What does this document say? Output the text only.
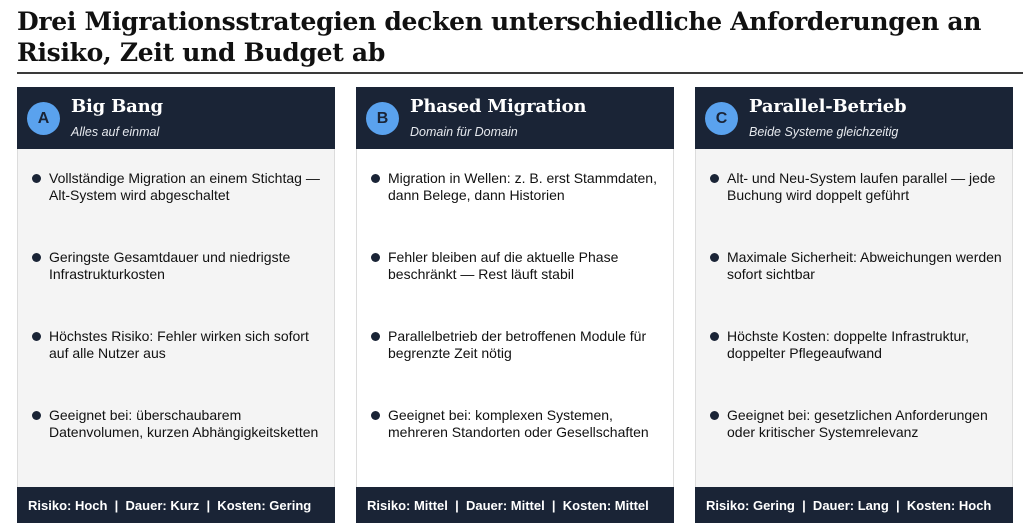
Drei Migrationsstrategien decken unterschiedliche Anforderungen an Risiko, Zeit und Budget ab
A
Big Bang
Alles auf einmal
Vollständige Migration an einem Stichtag — Alt-System wird abgeschaltet
Geringste Gesamtdauer und niedrigste Infrastrukturkosten
Höchstes Risiko: Fehler wirken sich sofort auf alle Nutzer aus
Geeignet bei: überschaubarem Datenvolumen, kurzen Abhängigkeitsketten
Risiko: Hoch  |  Dauer: Kurz  |  Kosten: Gering
B
Phased Migration
Domain für Domain
Migration in Wellen: z. B. erst Stammdaten, dann Belege, dann Historien
Fehler bleiben auf die aktuelle Phase beschränkt — Rest läuft stabil
Parallelbetrieb der betroffenen Module für begrenzte Zeit nötig
Geeignet bei: komplexen Systemen, mehreren Standorten oder Gesellschaften
Risiko: Mittel  |  Dauer: Mittel  |  Kosten: Mittel
C
Parallel-Betrieb
Beide Systeme gleichzeitig
Alt- und Neu-System laufen parallel — jede Buchung wird doppelt geführt
Maximale Sicherheit: Abweichungen werden sofort sichtbar
Höchste Kosten: doppelte Infrastruktur, doppelter Pflegeaufwand
Geeignet bei: gesetzlichen Anforderungen oder kritischer Systemrelevanz
Risiko: Gering  |  Dauer: Lang  |  Kosten: Hoch
